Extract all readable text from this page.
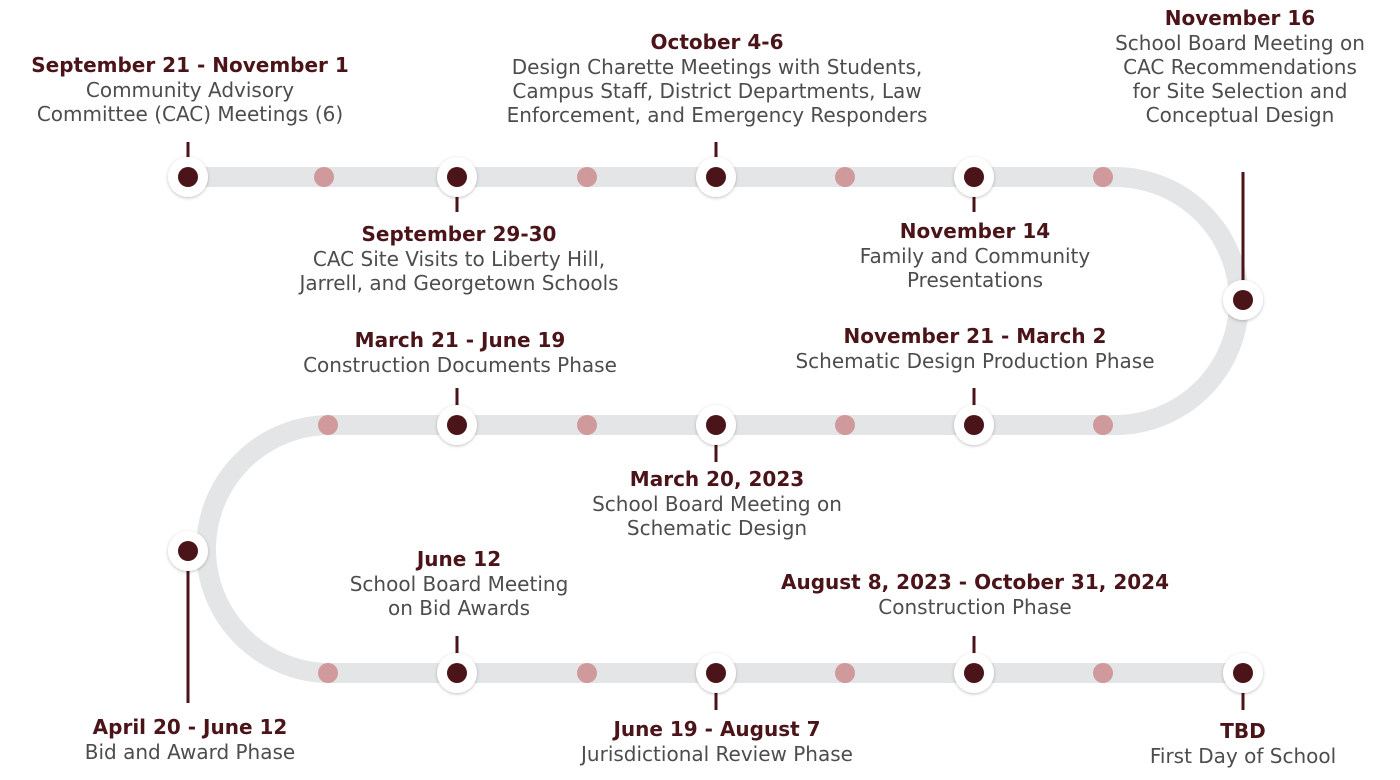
September 21 - November 1
Community Advisory
Committee (CAC) Meetings (6)
September 29-30
CAC Site Visits to Liberty Hill,
Jarrell, and Georgetown Schools
October 4-6
Design Charette Meetings with Students,
Campus Staff, District Departments, Law
Enforcement, and Emergency Responders
November 14
Family and Community
Presentations
November 16
School Board Meeting on
CAC Recommendations
for Site Selection and
Conceptual Design
November 21 - March 2
Schematic Design Production Phase
March 20, 2023
School Board Meeting on
Schematic Design
March 21 - June 19
Construction Documents Phase
April 20 - June 12
Bid and Award Phase
June 12
School Board Meeting
on Bid Awards
June 19 - August 7
Jurisdictional Review Phase
August 8, 2023 - October 31, 2024
Construction Phase
TBD
First Day of School
